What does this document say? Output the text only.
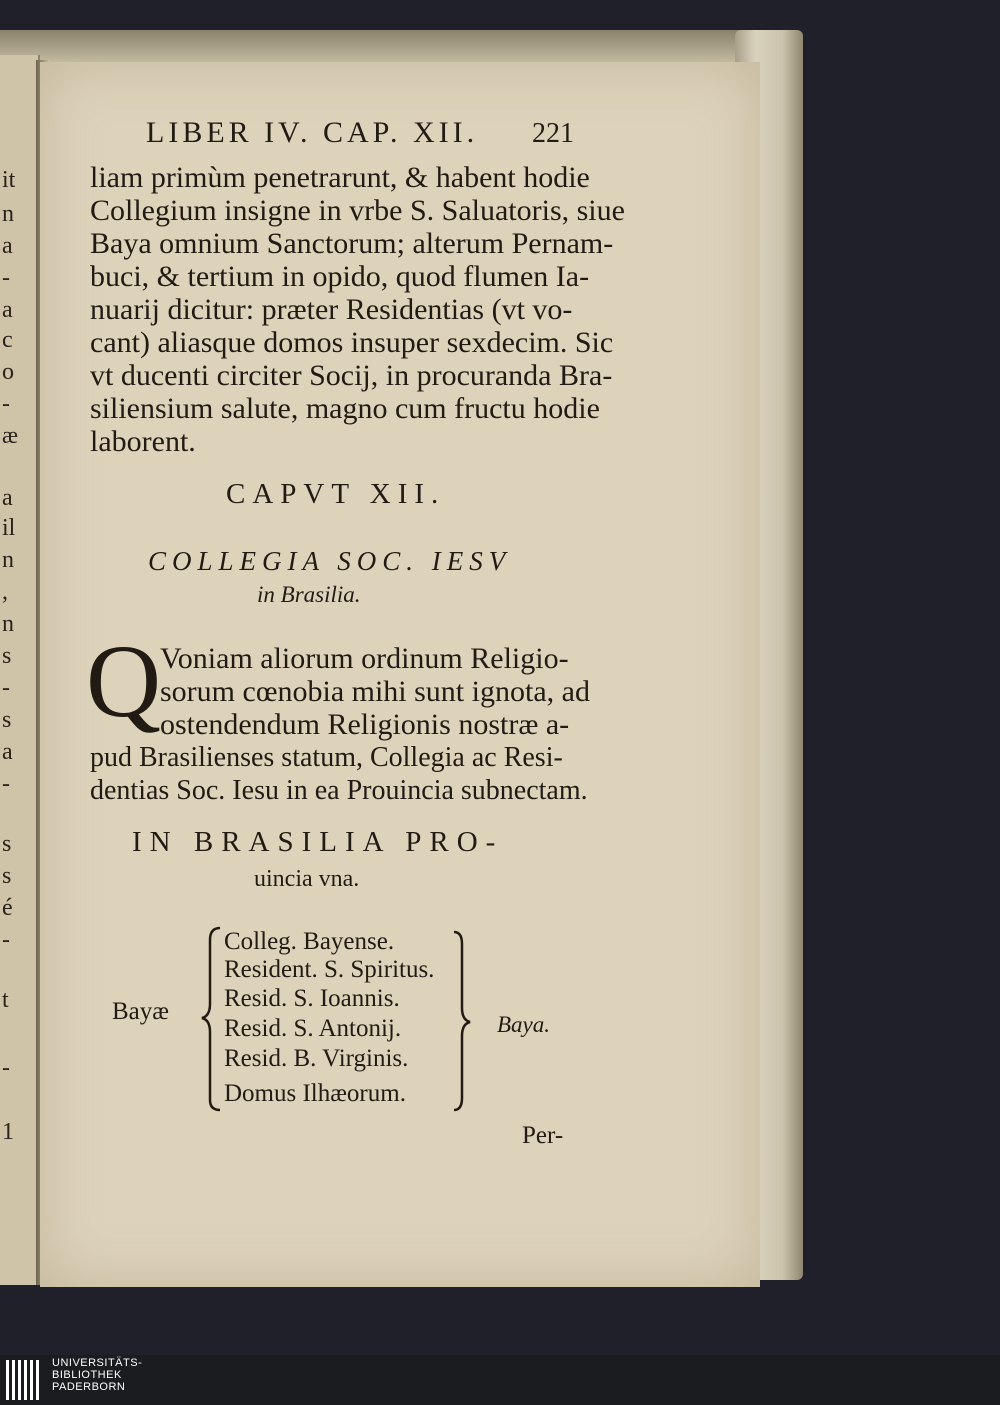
it
n
a
-
a
c
o
-
æ
a
il
n
,
n
s
-
s
a
-
s
s
é
-
t
-
1
LIBER IV. CAP. XII. 221
liam primùm penetrarunt, & habent hodie
Collegium insigne in vrbe S. Saluatoris, siue
Baya omnium Sanctorum; alterum Pernam-
buci, & tertium in opido, quod flumen Ia-
nuarij dicitur: præter Residentias (vt vo-
cant) aliasque domos insuper sexdecim. Sic
vt ducenti circiter Socij, in procuranda Bra-
siliensium salute, magno cum fructu hodie
laborent.
CAPVT XII.
COLLEGIA SOC. IESV
in Brasilia.
Q
Voniam aliorum ordinum Religio-
sorum cœnobia mihi sunt ignota, ad
ostendendum Religionis nostræ a-
pud Brasilienses statum, Collegia ac Resi-
dentias Soc. Iesu in ea Prouincia subnectam.
IN BRASILIA PRO-
uincia vna.
Bayæ
Colleg. Bayense.
Resident. S. Spiritus.
Resid. S. Ioannis.
Resid. S. Antonij.
Resid. B. Virginis.
Domus Ilhæorum.
Baya.
Per-
UNIVERSITÄTS-
BIBLIOTHEK
PADERBORN
